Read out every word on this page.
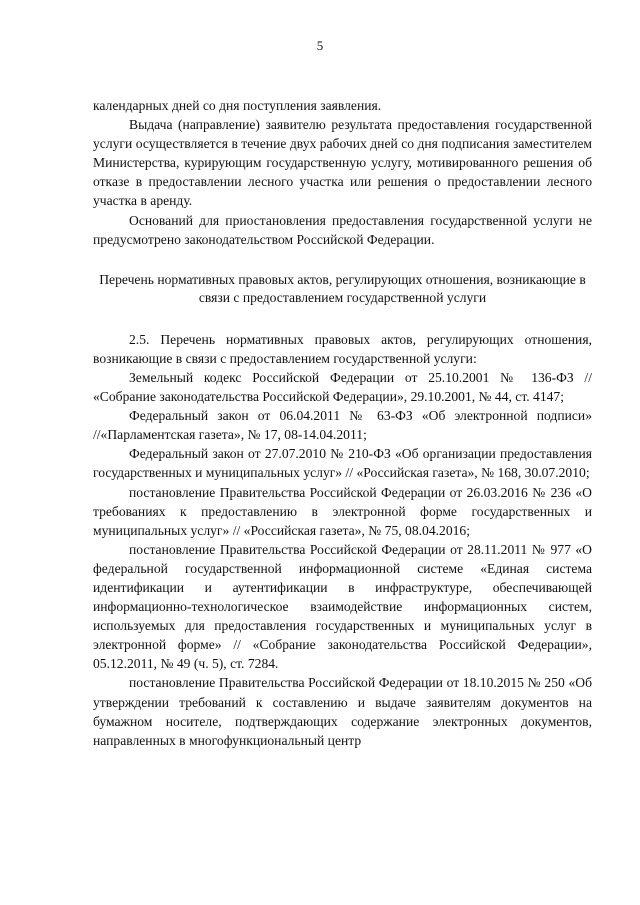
5

календарных дней со дня поступления заявления.

Выдача (направление) заявителю результата предоставления государственной услуги осуществляется в течение двух рабочих дней со дня подписания заместителем Министерства, курирующим государственную услугу, мотивированного решения об отказе в предоставлении лесного участка или решения о предоставлении лесного участка в аренду.

Оснований для приостановления предоставления государственной услуги не предусмотрено законодательством Российской Федерации.

Перечень нормативных правовых актов, регулирующих отношения, возникающие в связи с предоставлением государственной услуги

2.5. Перечень нормативных правовых актов, регулирующих отношения, возникающие в связи с предоставлением государственной услуги:

Земельный кодекс Российской Федерации от 25.10.2001 № 136-ФЗ // «Собрание законодательства Российской Федерации», 29.10.2001, № 44, ст. 4147;

Федеральный закон от 06.04.2011 № 63-ФЗ «Об электронной подписи» //«Парламентская газета», № 17, 08-14.04.2011;

Федеральный закон от 27.07.2010 № 210-ФЗ «Об организации предоставления государственных и муниципальных услуг» // «Российская газета», № 168, 30.07.2010;

постановление Правительства Российской Федерации от 26.03.2016 № 236 «О требованиях к предоставлению в электронной форме государственных и муниципальных услуг» // «Российская газета», № 75, 08.04.2016;

постановление Правительства Российской Федерации от 28.11.2011 № 977 «О федеральной государственной информационной системе «Единая система идентификации и аутентификации в инфраструктуре, обеспечивающей информационно-технологическое взаимодействие информационных систем, используемых для предоставления государственных и муниципальных услуг в электронной форме» // «Собрание законодательства Российской Федерации», 05.12.2011, № 49 (ч. 5), ст. 7284.

постановление Правительства Российской Федерации от 18.10.2015 № 250 «Об утверждении требований к составлению и выдаче заявителям документов на бумажном носителе, подтверждающих содержание электронных документов, направленных в многофункциональный центр
